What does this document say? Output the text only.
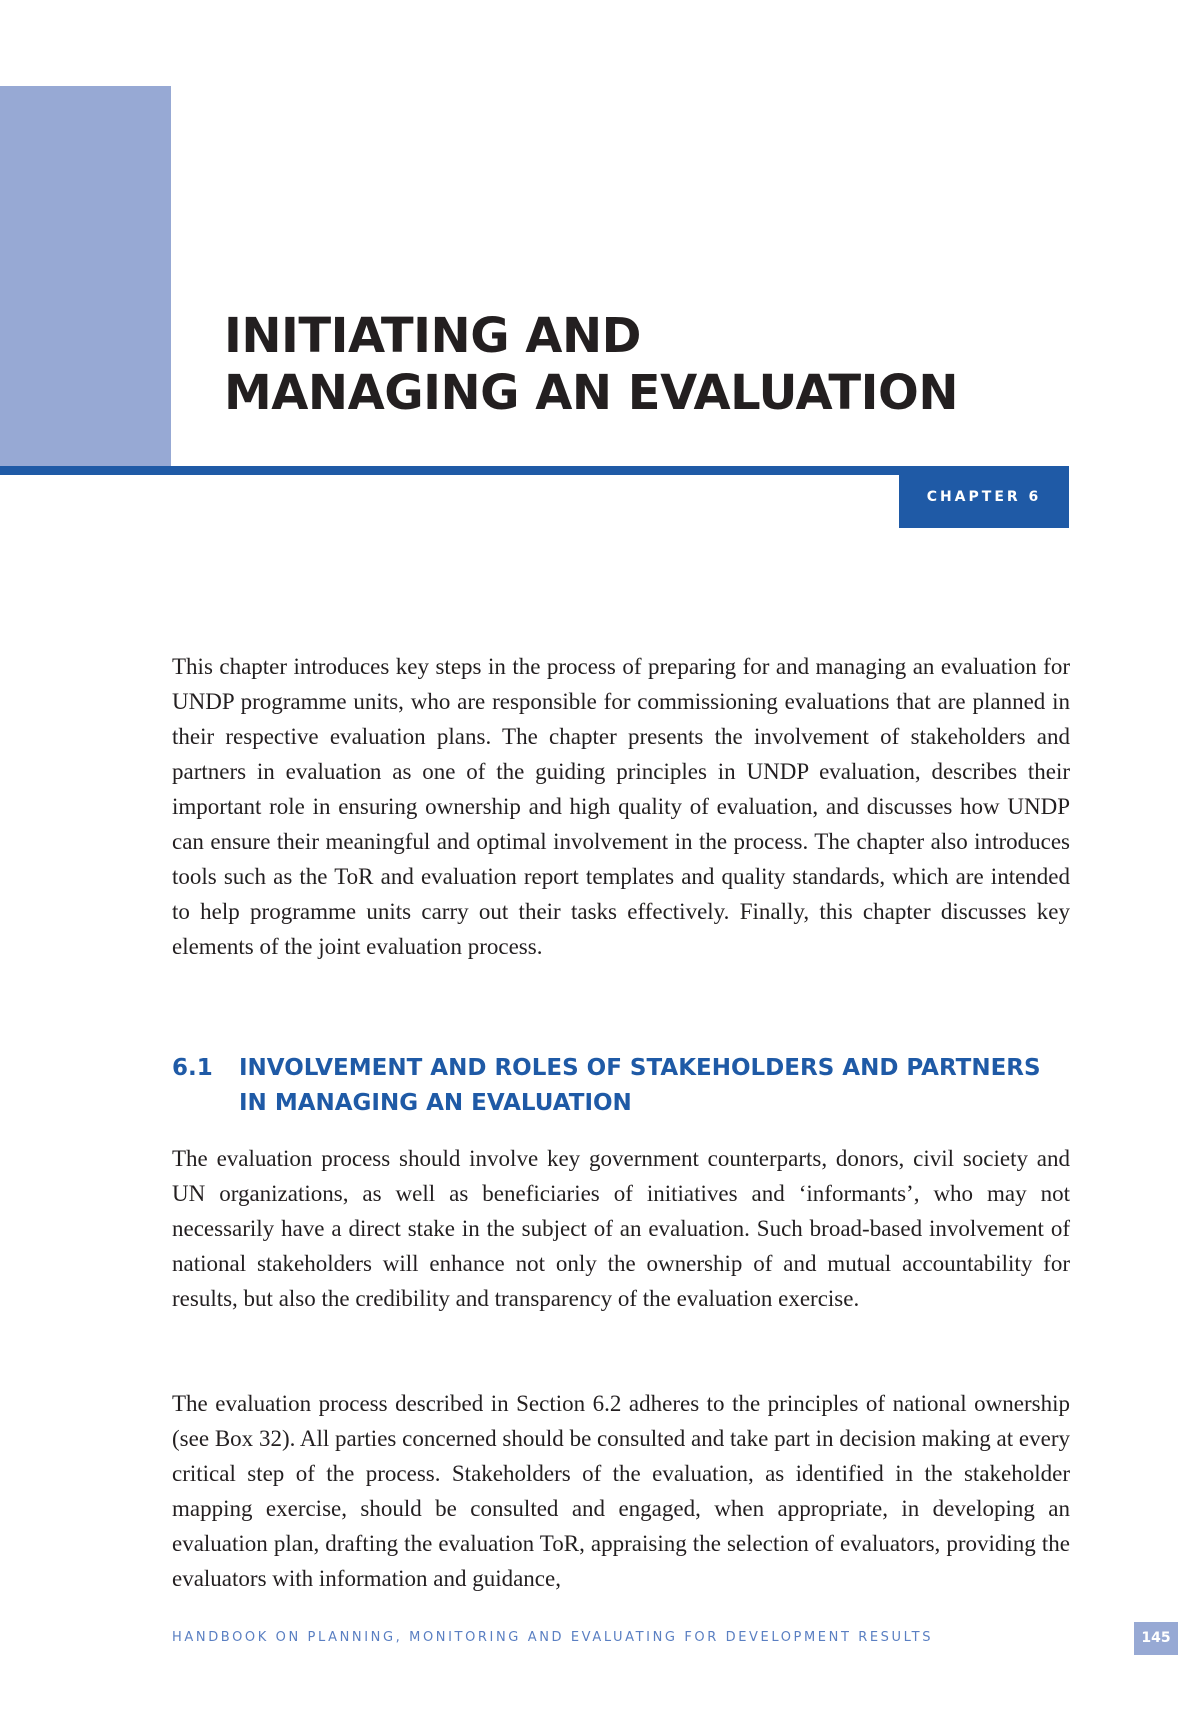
INITIATING AND
MANAGING AN EVALUATION
CHAPTER 6

This chapter introduces key steps in the process of preparing for and managing an evaluation for UNDP programme units, who are responsible for commissioning evaluations that are planned in their respective evaluation plans. The chapter presents the involvement of stakeholders and partners in evaluation as one of the guiding principles in UNDP evaluation, describes their important role in ensuring ownership and high quality of evaluation, and discusses how UNDP can ensure their meaningful and optimal involvement in the process. The chapter also introduces tools such as the ToR and evaluation report templates and quality standards, which are intended to help programme units carry out their tasks effectively. Finally, this chapter discusses key elements of the joint evaluation process.

6.1 INVOLVEMENT AND ROLES OF STAKEHOLDERS AND PARTNERS IN MANAGING AN EVALUATION

The evaluation process should involve key government counterparts, donors, civil society and UN organizations, as well as beneficiaries of initiatives and ‘informants’, who may not necessarily have a direct stake in the subject of an evaluation. Such broad-based involvement of national stakeholders will enhance not only the ownership of and mutual accountability for results, but also the credibility and transparency of the evaluation exercise.

The evaluation process described in Section 6.2 adheres to the principles of national ownership (see Box 32). All parties concerned should be consulted and take part in decision making at every critical step of the process. Stakeholders of the evaluation, as identified in the stakeholder mapping exercise, should be consulted and engaged, when appropriate, in developing an evaluation plan, drafting the evaluation ToR, appraising the selection of evaluators, providing the evaluators with information and guidance,

HANDBOOK ON PLANNING, MONITORING AND EVALUATING FOR DEVELOPMENT RESULTS	145
